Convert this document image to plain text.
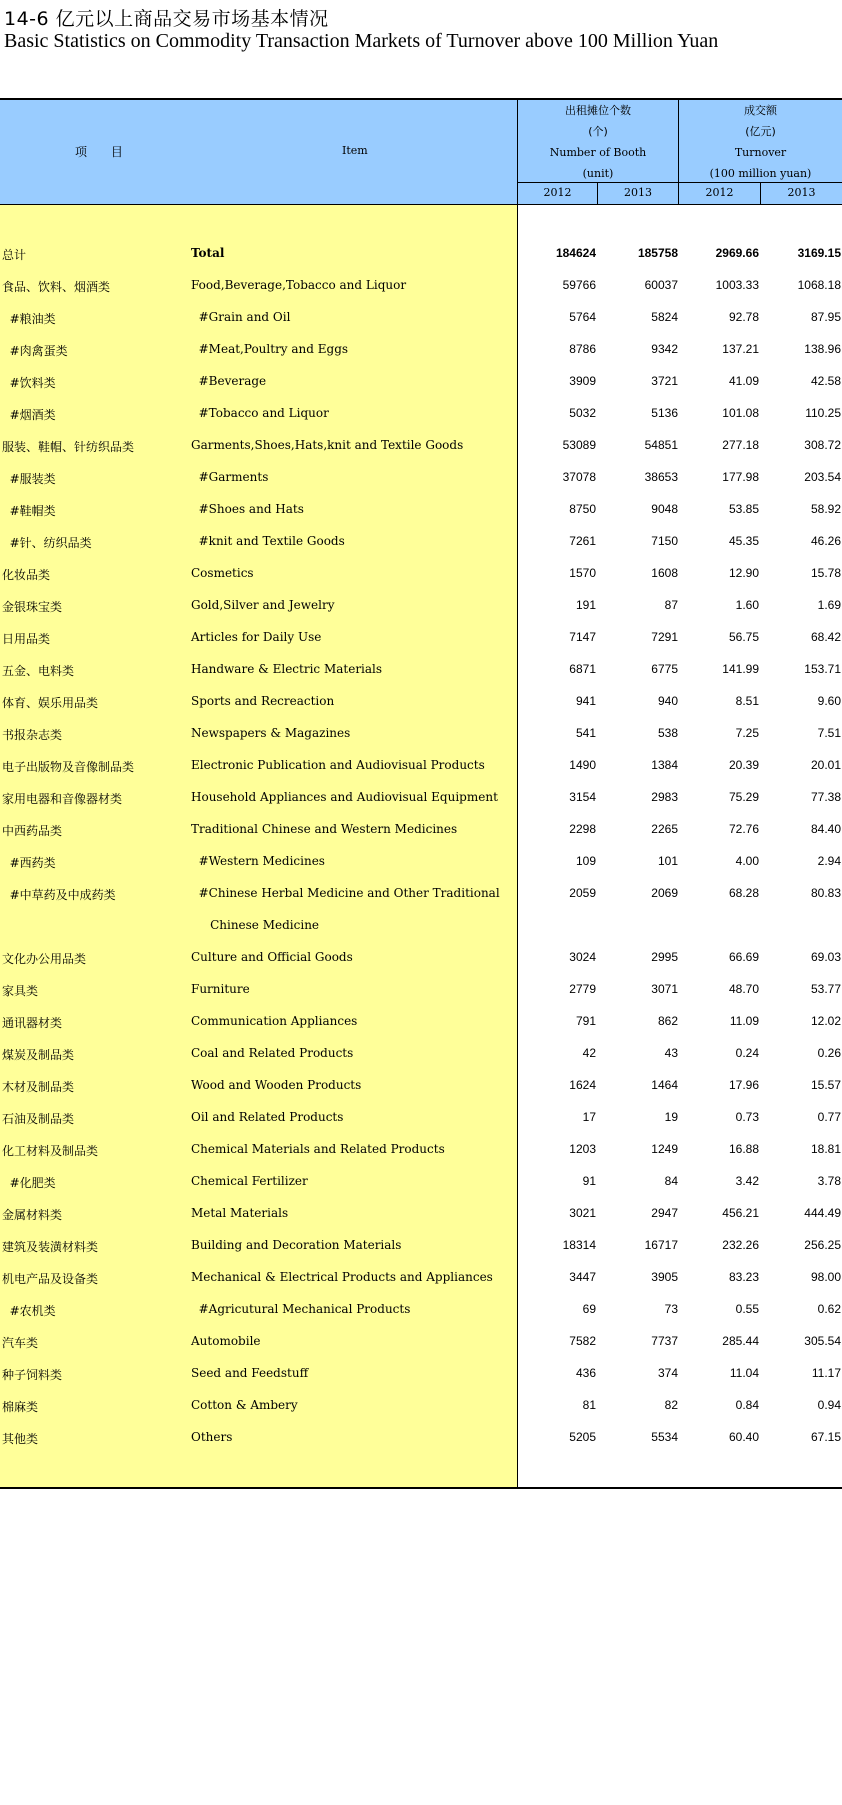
14-6 亿元以上商品交易市场基本情况
Basic Statistics on Commodity Transaction Markets of Turnover above 100 Million Yuan
项 目	Item
出租摊位个数
(个)
Number of Booth
(unit)
成交额
(亿元)
Turnover
(100 million yuan)
2012	2013	2012	2013
总计	Total	184624	185758	2969.66	3169.15
食品、饮料、烟酒类	Food,Beverage,Tobacco and Liquor	59766	60037	1003.33	1068.18
#粮油类	#Grain and Oil	5764	5824	92.78	87.95
#肉禽蛋类	#Meat,Poultry and Eggs	8786	9342	137.21	138.96
#饮料类	#Beverage	3909	3721	41.09	42.58
#烟酒类	#Tobacco and Liquor	5032	5136	101.08	110.25
服装、鞋帽、针纺织品类	Garments,Shoes,Hats,knit and Textile Goods	53089	54851	277.18	308.72
#服装类	#Garments	37078	38653	177.98	203.54
#鞋帽类	#Shoes and Hats	8750	9048	53.85	58.92
#针、纺织品类	#knit and Textile Goods	7261	7150	45.35	46.26
化妆品类	Cosmetics	1570	1608	12.90	15.78
金银珠宝类	Gold,Silver and Jewelry	191	87	1.60	1.69
日用品类	Articles for Daily Use	7147	7291	56.75	68.42
五金、电料类	Handware & Electric Materials	6871	6775	141.99	153.71
体育、娱乐用品类	Sports and Recreaction	941	940	8.51	9.60
书报杂志类	Newspapers & Magazines	541	538	7.25	7.51
电子出版物及音像制品类	Electronic Publication and Audiovisual Products	1490	1384	20.39	20.01
家用电器和音像器材类	Household Appliances and Audiovisual Equipment	3154	2983	75.29	77.38
中西药品类	Traditional Chinese and Western Medicines	2298	2265	72.76	84.40
#西药类	#Western Medicines	109	101	4.00	2.94
#中草药及中成药类	#Chinese Herbal Medicine and Other Traditional	2059	2069	68.28	80.83
Chinese Medicine
文化办公用品类	Culture and Official Goods	3024	2995	66.69	69.03
家具类	Furniture	2779	3071	48.70	53.77
通讯器材类	Communication Appliances	791	862	11.09	12.02
煤炭及制品类	Coal and Related Products	42	43	0.24	0.26
木材及制品类	Wood and Wooden Products	1624	1464	17.96	15.57
石油及制品类	Oil and Related Products	17	19	0.73	0.77
化工材料及制品类	Chemical Materials and Related Products	1203	1249	16.88	18.81
#化肥类	Chemical Fertilizer	91	84	3.42	3.78
金属材料类	Metal Materials	3021	2947	456.21	444.49
建筑及装潢材料类	Building and Decoration Materials	18314	16717	232.26	256.25
机电产品及设备类	Mechanical & Electrical Products and Appliances	3447	3905	83.23	98.00
#农机类	#Agricutural Mechanical Products	69	73	0.55	0.62
汽车类	Automobile	7582	7737	285.44	305.54
种子饲料类	Seed and Feedstuff	436	374	11.04	11.17
棉麻类	Cotton & Ambery	81	82	0.84	0.94
其他类	Others	5205	5534	60.40	67.15
